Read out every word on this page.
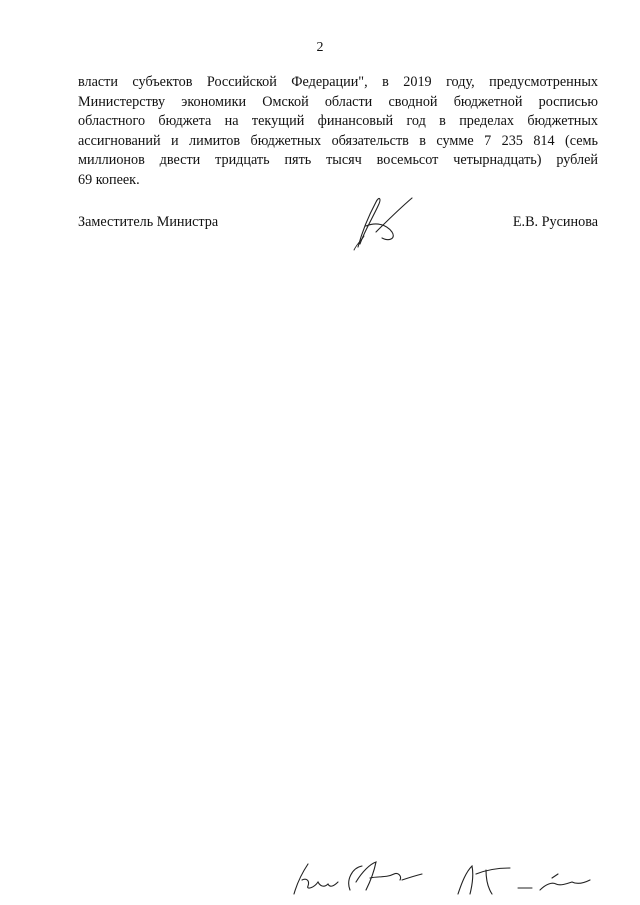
2
власти субъектов Российской Федерации", в 2019 году, предусмотренных
Министерству экономики Омской области сводной бюджетной росписью
областного бюджета на текущий финансовый год в пределах бюджетных
ассигнований и лимитов бюджетных обязательств в сумме 7 235 814 (семь
миллионов двести тридцать пять тысяч восемьсот четырнадцать) рублей
69 копеек.
Заместитель Министра	Е.В. Русинова
